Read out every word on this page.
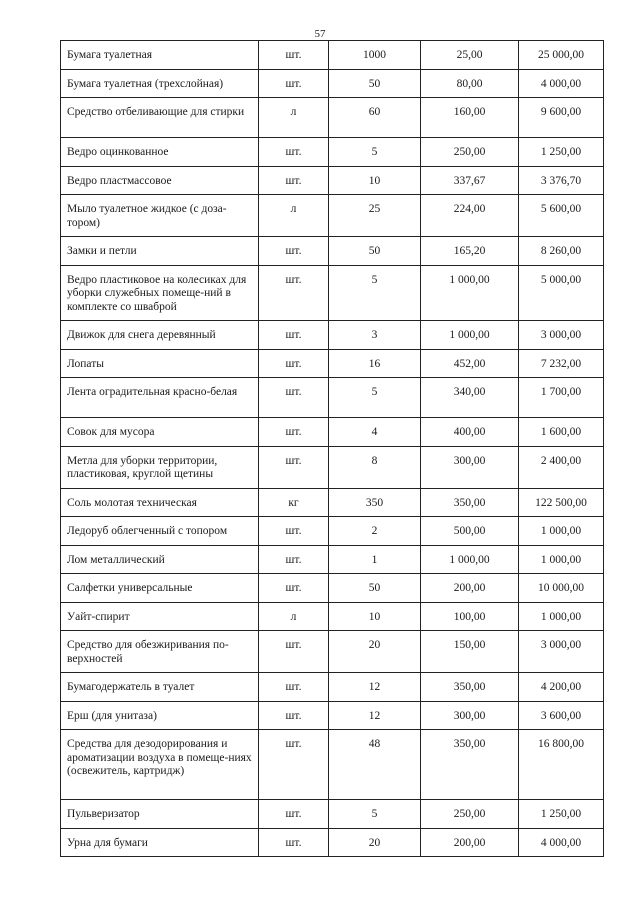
57
Бумага туалетная	шт.	1000	25,00	25 000,00
Бумага туалетная (трехслойная)	шт.	50	80,00	4 000,00
Средство отбеливающие для стирки	л	60	160,00	9 600,00
Ведро оцинкованное	шт.	5	250,00	1 250,00
Ведро пластмассовое	шт.	10	337,67	3 376,70
Мыло туалетное жидкое (с доза-тором)	л	25	224,00	5 600,00
Замки и петли	шт.	50	165,20	8 260,00
Ведро пластиковое на колесиках для уборки служебных помеще-ний в комплекте со шваброй	шт.	5	1 000,00	5 000,00
Движок для снега деревянный	шт.	3	1 000,00	3 000,00
Лопаты	шт.	16	452,00	7 232,00
Лента оградительная красно-белая	шт.	5	340,00	1 700,00
Совок для мусора	шт.	4	400,00	1 600,00
Метла для уборки территории, пластиковая, круглой щетины	шт.	8	300,00	2 400,00
Соль молотая техническая	кг	350	350,00	122 500,00
Ледоруб облегченный с топором	шт.	2	500,00	1 000,00
Лом металлический	шт.	1	1 000,00	1 000,00
Салфетки универсальные	шт.	50	200,00	10 000,00
Уайт-спирит	л	10	100,00	1 000,00
Средство для обезжиривания по-верхностей	шт.	20	150,00	3 000,00
Бумагодержатель в туалет	шт.	12	350,00	4 200,00
Ерш (для унитаза)	шт.	12	300,00	3 600,00
Средства для дезодорирования и ароматизации воздуха в помеще-ниях (освежитель, картридж)	шт.	48	350,00	16 800,00
Пульверизатор	шт.	5	250,00	1 250,00
Урна для бумаги	шт.	20	200,00	4 000,00
